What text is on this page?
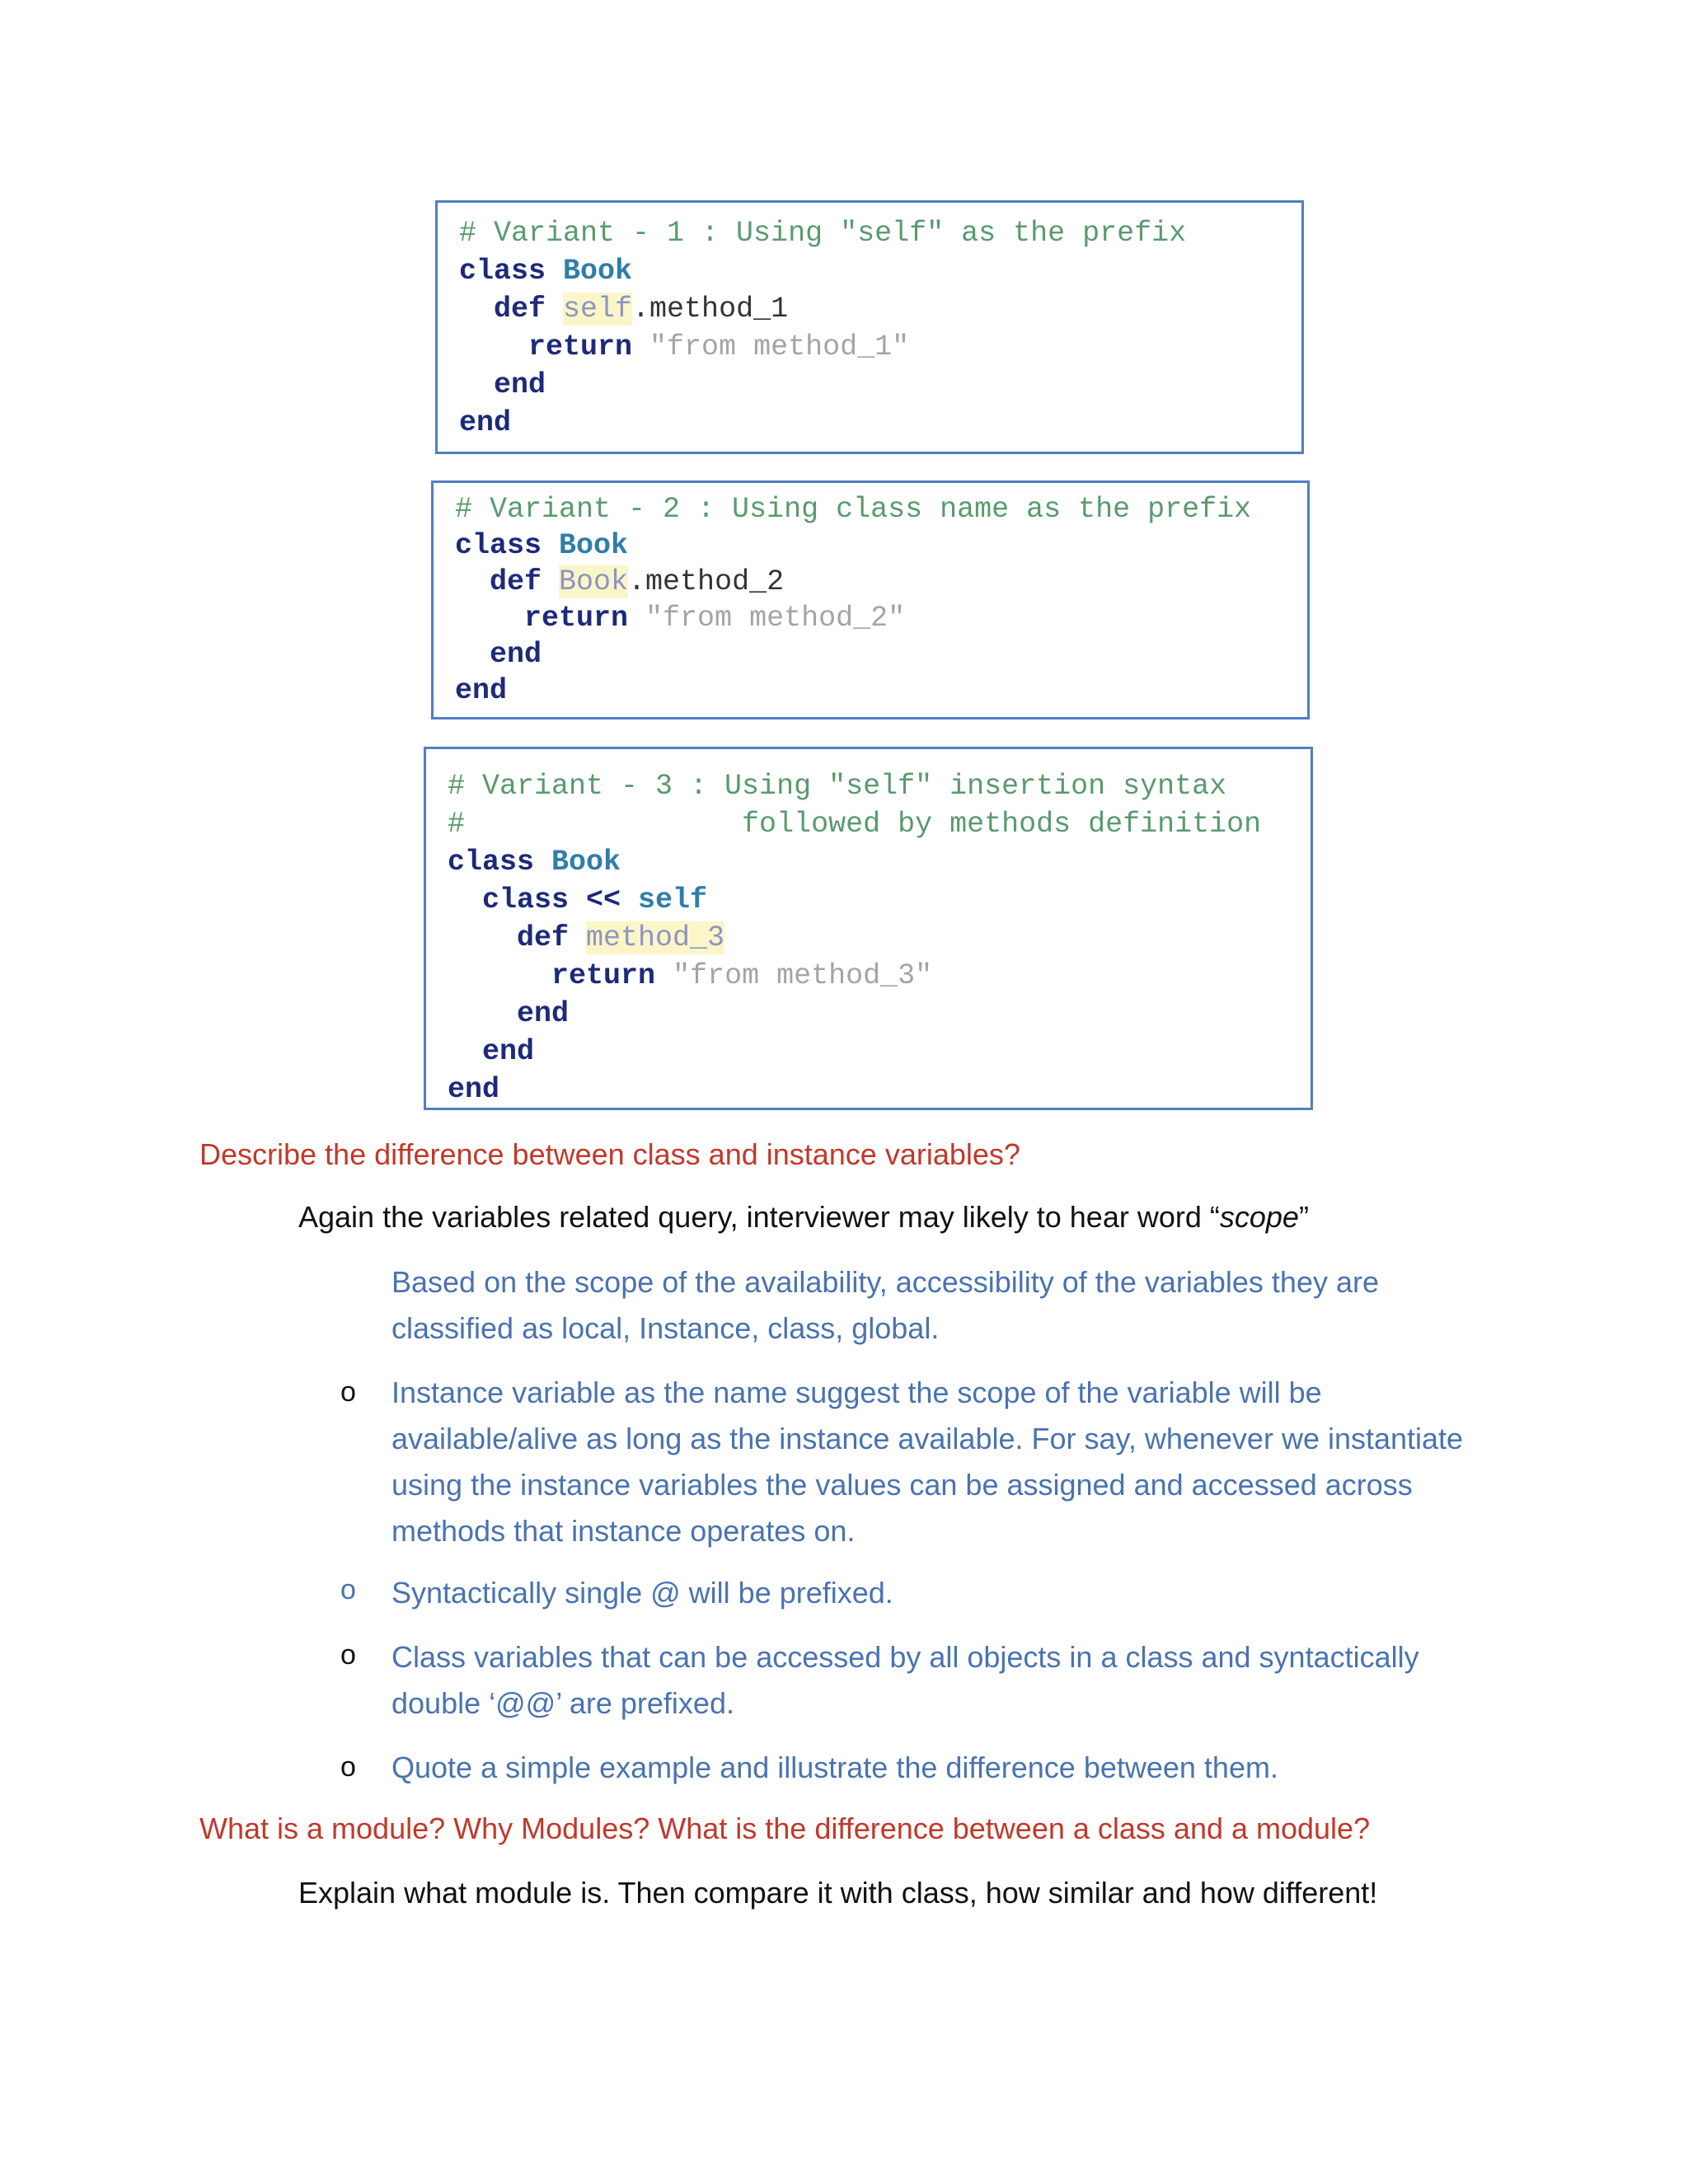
# Variant - 1 : Using "self" as the prefix
class Book
def self.method_1
return "from method_1"
end
end
# Variant - 2 : Using class name as the prefix
class Book
def Book.method_2
return "from method_2"
end
end
# Variant - 3 : Using "self" insertion syntax
#                followed by methods definition
class Book
class << self
def method_3
return "from method_3"
end
end
end
Describe the difference between class and instance variables?
Again the variables related query, interviewer may likely to hear word “scope”
Based on the scope of the availability, accessibility of the variables they are
classified as local, Instance, class, global.
o Instance variable as the name suggest the scope of the variable will be
available/alive as long as the instance available. For say, whenever we instantiate
using the instance variables the values can be assigned and accessed across
methods that instance operates on.
o Syntactically single @ will be prefixed.
o Class variables that can be accessed by all objects in a class and syntactically
double ‘@@’ are prefixed.
o Quote a simple example and illustrate the difference between them.
What is a module? Why Modules? What is the difference between a class and a module?
Explain what module is. Then compare it with class, how similar and how different!
